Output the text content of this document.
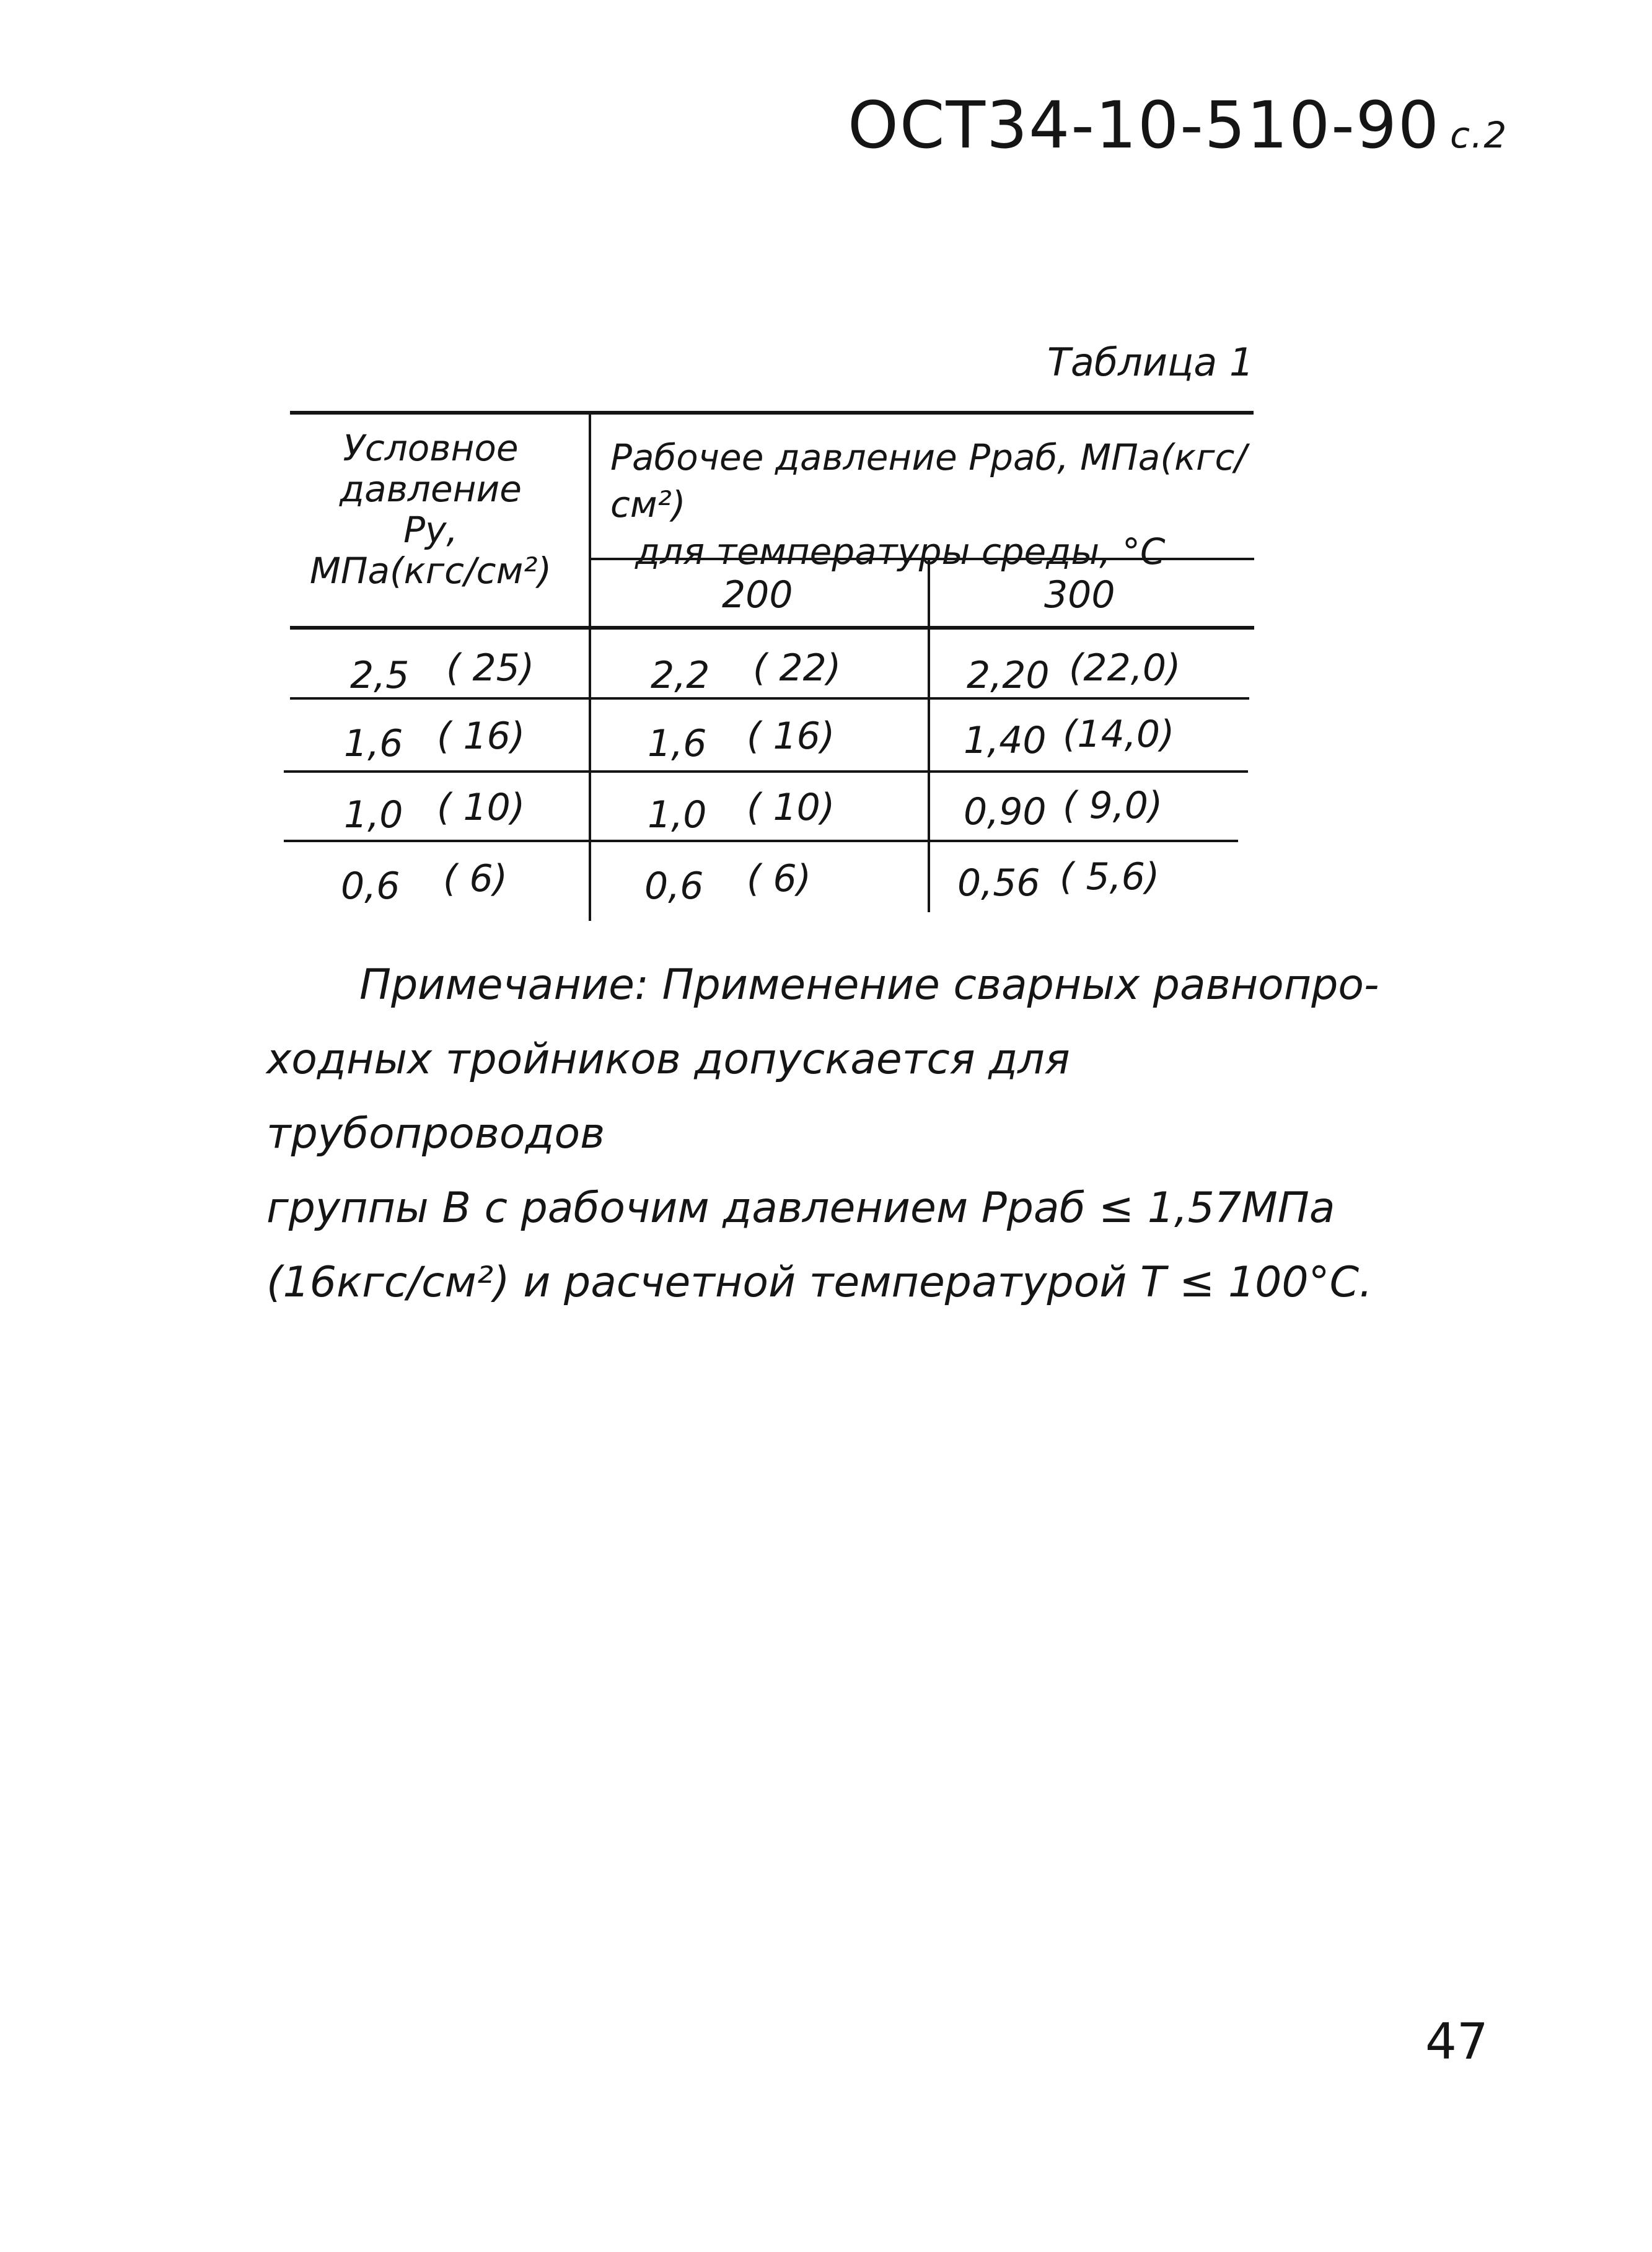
ОСТ34-10-510-90 с.2
Таблица 1
Условное
давление
Ру,
МПа(кгс/см²)
Рабочее давление Рраб, МПа(кгс/см²)
для температуры среды, °С
200	300
2,5 ( 25)	2,2 ( 22)	2,20 (22,0)
1,6 ( 16)	1,6 ( 16)	1,40 (14,0)
1,0 ( 10)	1,0 ( 10)	0,90 ( 9,0)
0,6 ( 6)	0,6 ( 6)	0,56 ( 5,6)
Примечание: Применение сварных равнопро-
ходных тройников допускается для трубопроводов
группы В с рабочим давлением Рраб ≤ 1,57МПа
(16кгс/см²) и расчетной температурой Т ≤ 100°С.
47
